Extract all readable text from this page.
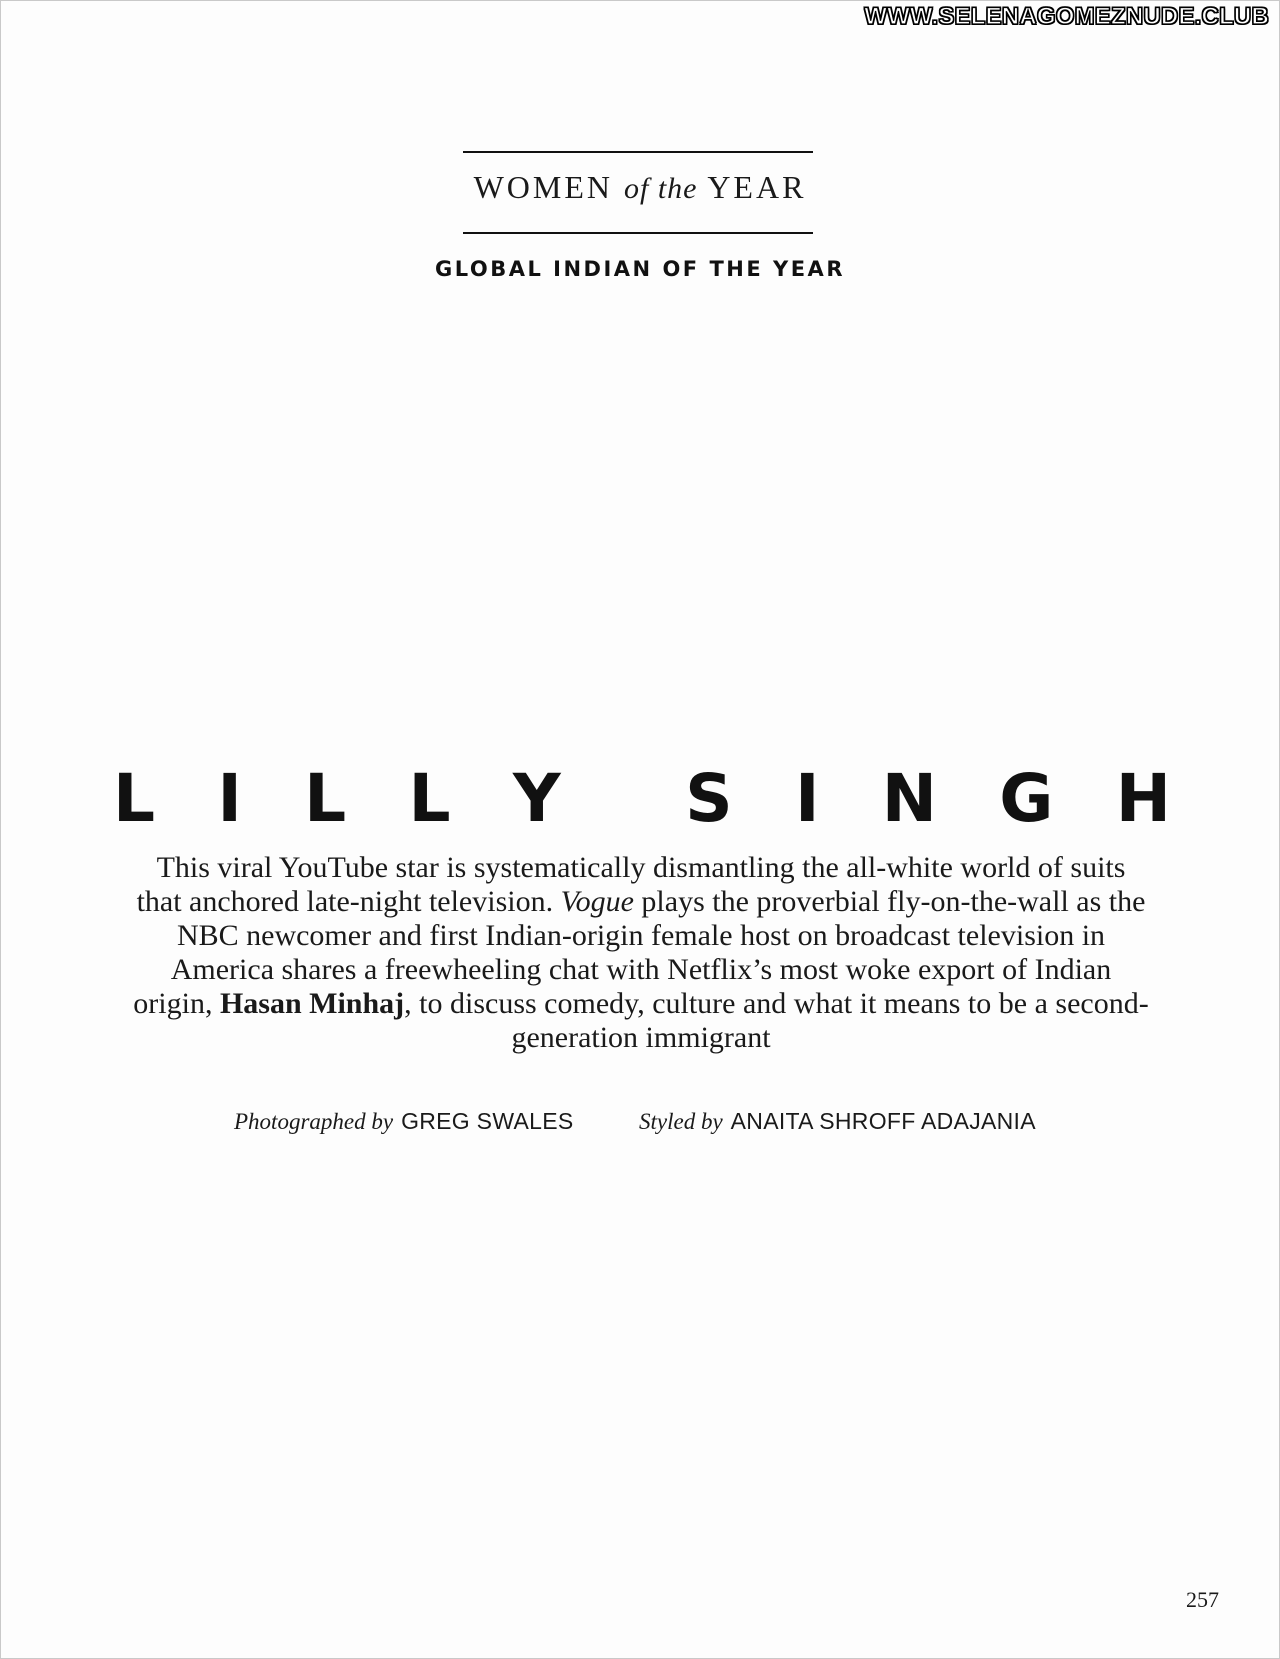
WWW.SELENAGOMEZNUDE.CLUB
WOMEN of the YEAR
GLOBAL INDIAN OF THE YEAR
L I L L Y S I N G H
This viral YouTube star is systematically dismantling the all-white world of suits that anchored late-night television. Vogue plays the proverbial fly-on-the-wall as the NBC newcomer and first Indian-origin female host on broadcast television in America shares a freewheeling chat with Netflix’s most woke export of Indian origin, Hasan Minhaj, to discuss comedy, culture and what it means to be a second-generation immigrant
Photographed by GREG SWALES	Styled by ANAITA SHROFF ADAJANIA
257
